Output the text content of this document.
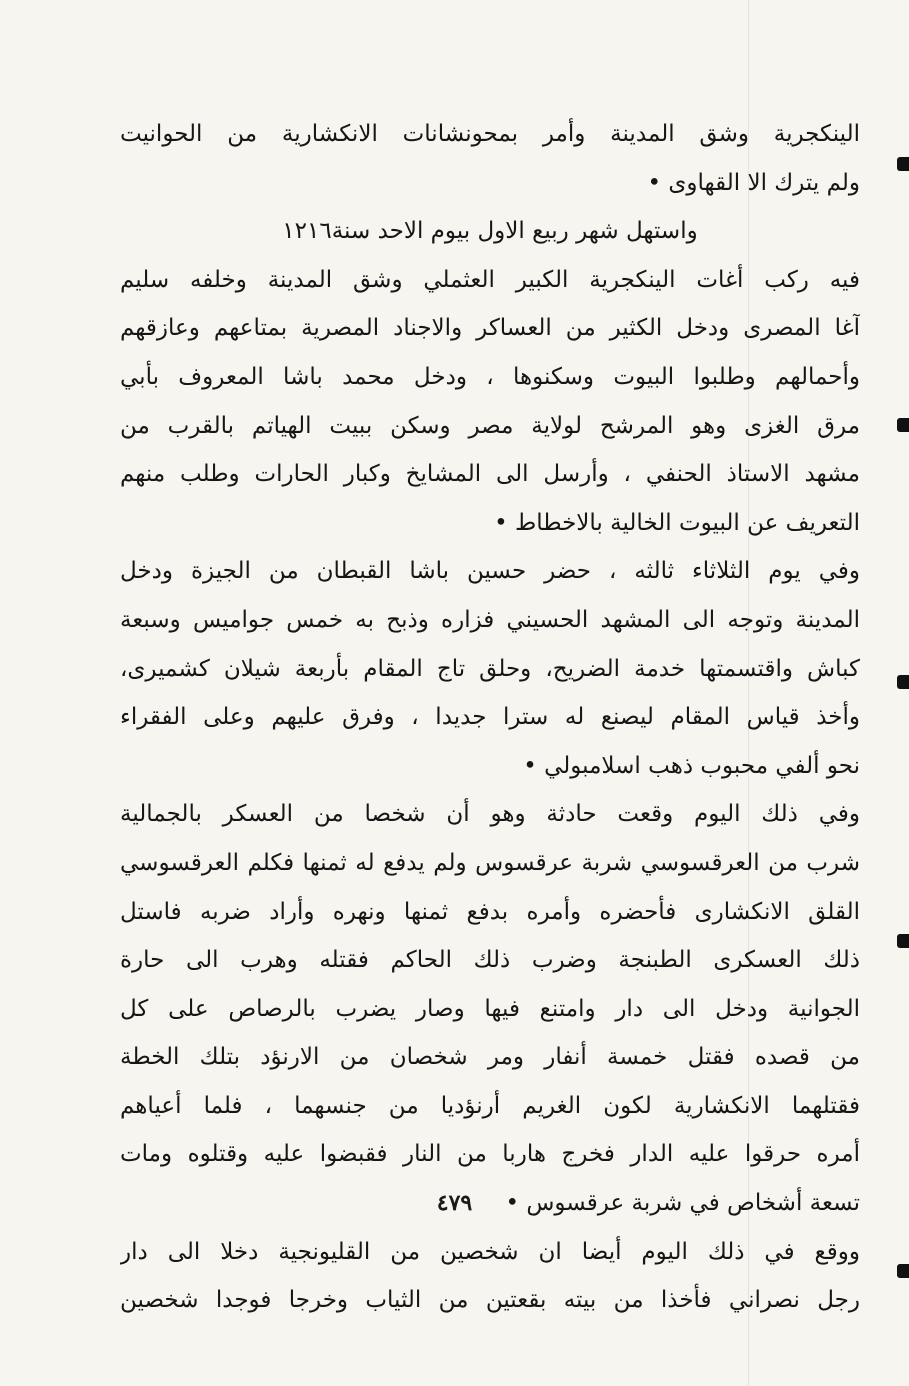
الينكجرية وشق المدينة وأمر بمحونشانات الانكشارية من الحوانيت
ولم يترك الا القهاوى •
واستهل شهر ربيع الاول بيوم الاحد سنة١٢١٦
فيه ركب أغات الينكجرية الكبير العثملي وشق المدينة وخلفه سليم
آغا المصرى ودخل الكثير من العساكر والاجناد المصرية بمتاعهم وعازقهم
وأحمالهم وطلبوا البيوت وسكنوها ، ودخل محمد باشا المعروف بأبي
مرق الغزى وهو المرشح لولاية مصر وسكن ببيت الهياتم بالقرب من
مشهد الاستاذ الحنفي ، وأرسل الى المشايخ وكبار الحارات وطلب منهم
التعريف عن البيوت الخالية بالاخطاط •
وفي يوم الثلاثاء ثالثه ، حضر حسين باشا القبطان من الجيزة ودخل
المدينة وتوجه الى المشهد الحسيني فزاره وذبح به خمس جواميس وسبعة
كباش واقتسمتها خدمة الضريح، وحلق تاج المقام بأربعة شيلان كشميرى،
وأخذ قياس المقام ليصنع له سترا جديدا ، وفرق عليهم وعلى الفقراء
نحو ألفي محبوب ذهب اسلامبولي •
وفي ذلك اليوم وقعت حادثة وهو أن شخصا من العسكر بالجمالية
شرب من العرقسوسي شربة عرقسوس ولم يدفع له ثمنها فكلم العرقسوسي
القلق الانكشارى فأحضره وأمره بدفع ثمنها ونهره وأراد ضربه فاستل
ذلك العسكرى الطبنجة وضرب ذلك الحاكم فقتله وهرب الى حارة
الجوانية ودخل الى دار وامتنع فيها وصار يضرب بالرصاص على كل
من قصده فقتل خمسة أنفار ومر شخصان من الارنؤد بتلك الخطة
فقتلهما الانكشارية لكون الغريم أرنؤديا من جنسهما ، فلما أعياهم
أمره حرقوا عليه الدار فخرج هاربا من النار فقبضوا عليه وقتلوه ومات
تسعة أشخاص في شربة عرقسوس •
ووقع في ذلك اليوم أيضا ان شخصين من القليونجية دخلا الى دار
رجل نصراني فأخذا من بيته بقعتين من الثياب وخرجا فوجدا شخصين
٤٧٩
